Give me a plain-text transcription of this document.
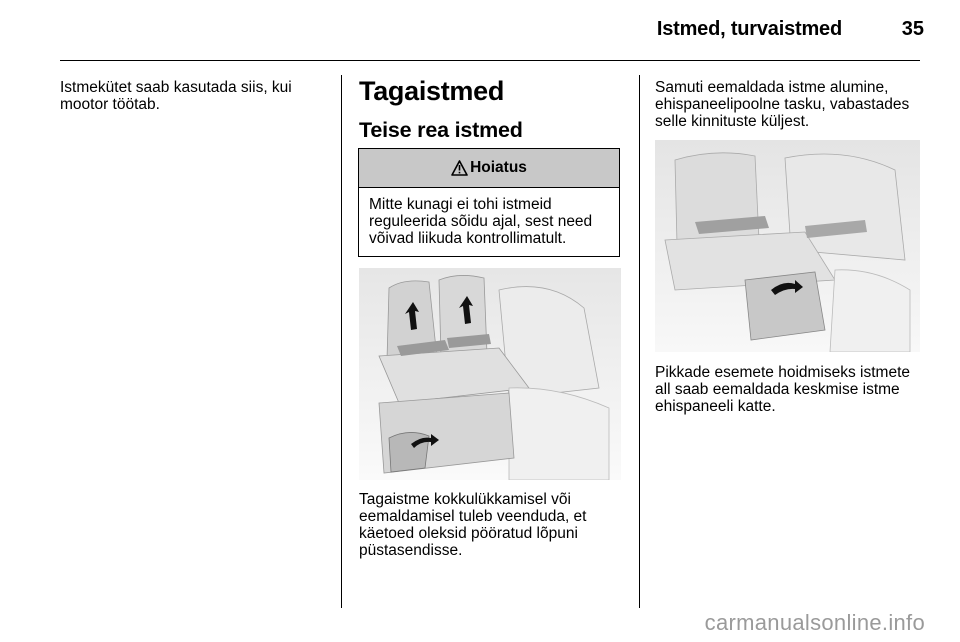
Istmed, turvaistmed	35
Istmekütet saab kasutada siis, kui mootor töötab.	Tagaistmed
Teise rea istmed
Hoiatus
Mitte kunagi ei tohi istmeid reguleerida sõidu ajal, sest need võivad liikuda kontrollimatult.
Tagaistme kokkulükkamisel või eemaldamisel tuleb veenduda, et käetoed oleksid pööratud lõpuni püstasendisse.
Samuti eemaldada istme alumine, ehispaneelipoolne tasku, vabastades selle kinnituste küljest.
Pikkade esemete hoidmiseks istmete all saab eemaldada keskmise istme ehispaneeli katte.
carmanualsonline.info
